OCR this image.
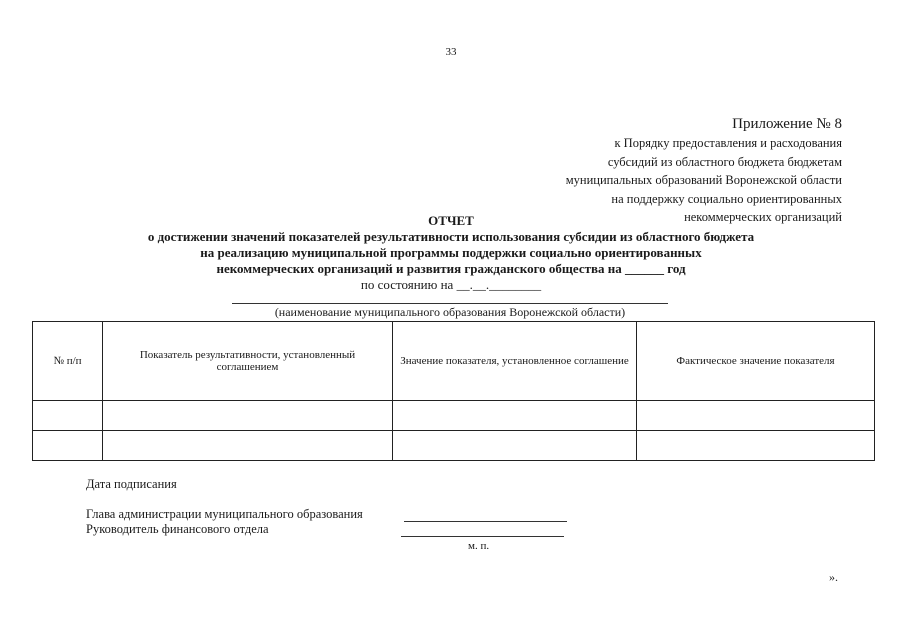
33
Приложение № 8
к Порядку предоставления и расходования
субсидий из областного бюджета бюджетам
муниципальных образований Воронежской области
на поддержку социально ориентированных
некоммерческих организаций
ОТЧЕТ
о достижении значений показателей результативности использования субсидии из областного бюджета
на реализацию муниципальной программы поддержки социально ориентированных
некоммерческих организаций и развития гражданского общества на ______ год
по состоянию на __.__.________
(наименование муниципального образования Воронежской области)
№ п/п	Показатель результативности, установленный соглашением	Значение показателя, установленное соглашение	Фактическое значение показателя

Дата подписания
Глава администрации муниципального образования
Руководитель финансового отдела
м. п.
».
